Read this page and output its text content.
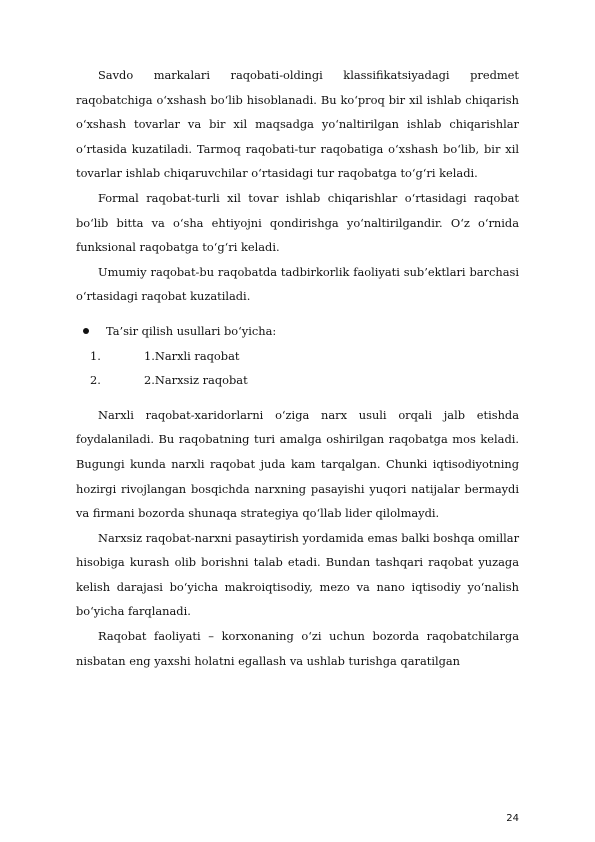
Savdo markalari raqobati-oldingi klassifikatsiyadagi predmet raqobatchiga o‘xshash bo‘lib hisoblanadi. Bu ko‘proq bir xil ishlab chiqarish o‘xshash tovarlar va bir xil maqsadga yo‘naltirilgan ishlab chiqarishlar o‘rtasida kuzatiladi. Tarmoq raqobati-tur raqobatiga o‘xshash bo‘lib, bir xil tovarlar ishlab chiqaruvchilar o‘rtasidagi tur raqobatga to‘g‘ri keladi.

Formal raqobat-turli xil tovar ishlab chiqarishlar o‘rtasidagi raqobat bo‘lib bitta va o‘sha ehtiyojni qondirishga yo‘naltirilgandir. O‘z o‘rnida funksional raqobatga to‘g‘ri keladi.

Umumiy raqobat-bu raqobatda tadbirkorlik faoliyati sub’ektlari barchasi o‘rtasidagi raqobat kuzatiladi.

Ta’sir qilish usullari bo‘yicha:
1.	1.Narxli raqobat
2.	2.Narxsiz raqobat

Narxli raqobat-xaridorlarni o‘ziga narx usuli orqali jalb etishda foydalaniladi. Bu raqobatning turi amalga oshirilgan raqobatga mos keladi. Bugungi kunda narxli raqobat juda kam tarqalgan. Chunki iqtisodiyotning hozirgi rivojlangan bosqichda narxning pasayishi yuqori natijalar bermaydi va firmani bozorda shunaqa strategiya qo‘llab lider qilolmaydi.

Narxsiz raqobat-narxni pasaytirish yordamida emas balki boshqa omillar hisobiga kurash olib borishni talab etadi. Bundan tashqari raqobat yuzaga kelish darajasi bo‘yicha makroiqtisodiy, mezo va nano iqtisodiy yo‘nalish bo‘yicha farqlanadi.

Raqobat faoliyati – korxonaning o‘zi uchun bozorda raqobatchilarga nisbatan eng yaxshi holatni egallash va ushlab turishga qaratilgan

24
